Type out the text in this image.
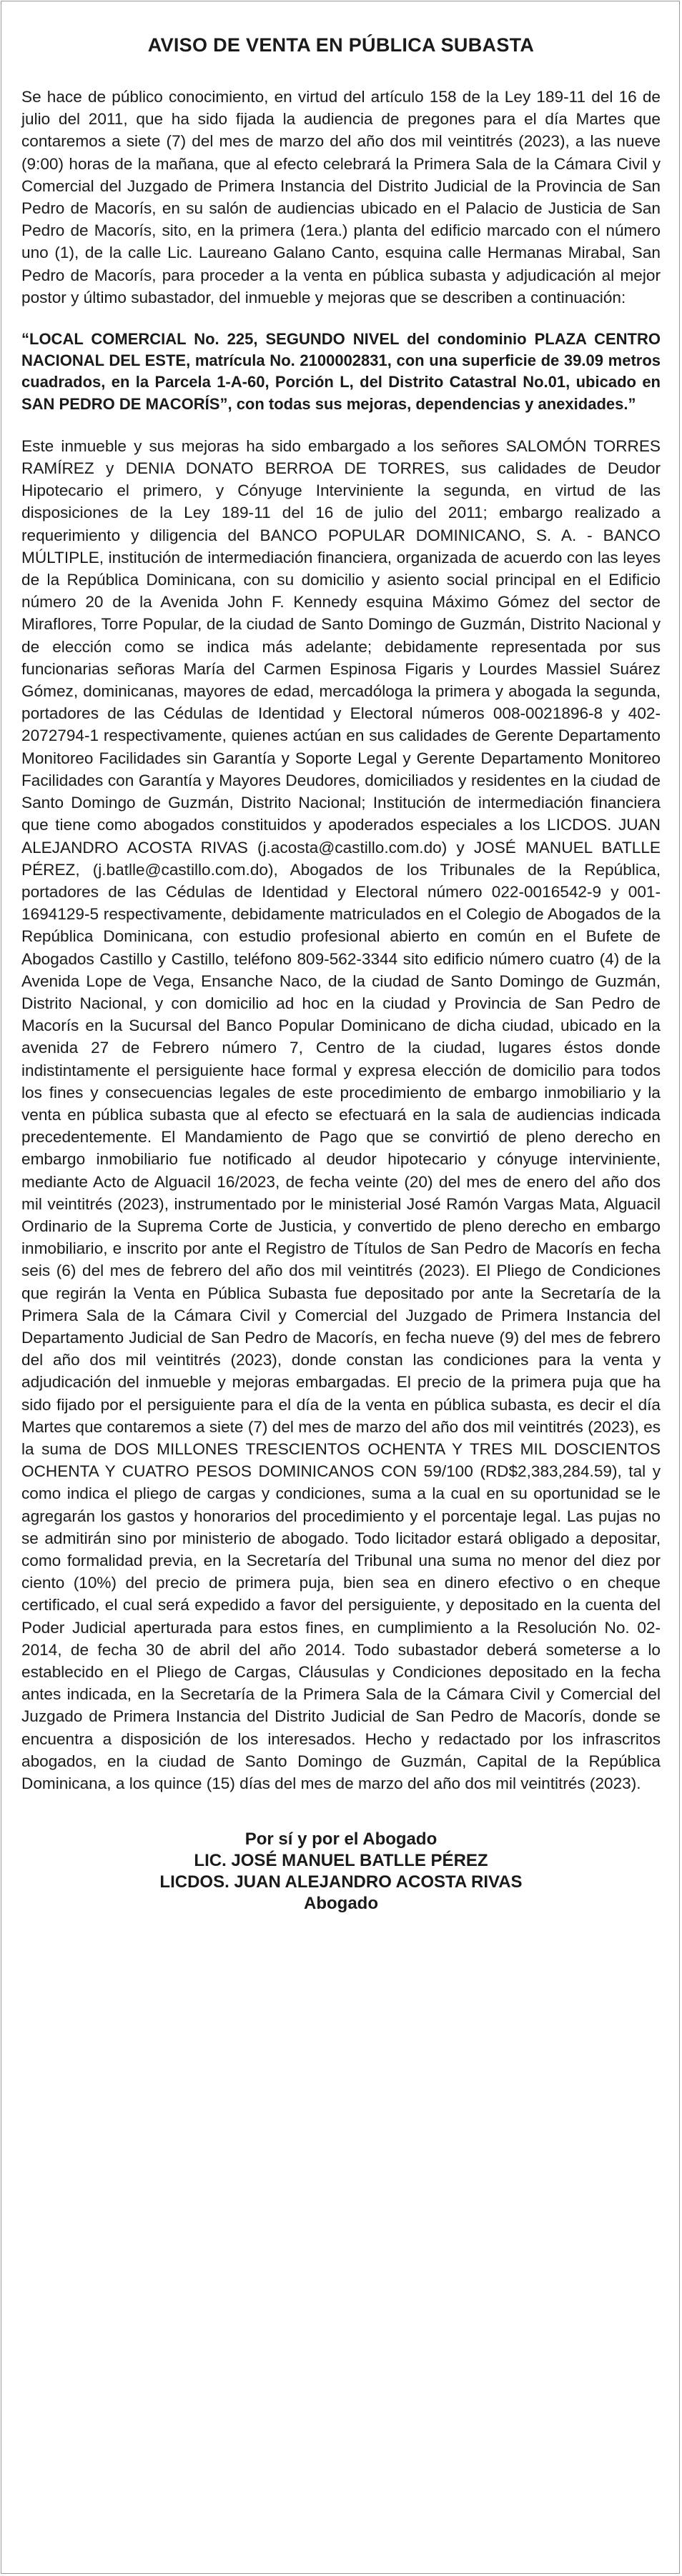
AVISO DE VENTA EN PÚBLICA SUBASTA

Se hace de público conocimiento, en virtud del artículo 158 de la Ley 189-11 del 16 de julio del 2011, que ha sido fijada la audiencia de pregones para el día Martes que contaremos a siete (7) del mes de marzo del año dos mil veintitrés (2023), a las nueve (9:00) horas de la mañana, que al efecto celebrará la Primera Sala de la Cámara Civil y Comercial del Juzgado de Primera Instancia del Distrito Judicial de la Provincia de San Pedro de Macorís, en su salón de audiencias ubicado en el Palacio de Justicia de San Pedro de Macorís, sito, en la primera (1era.) planta del edificio marcado con el número uno (1), de la calle Lic. Laureano Galano Canto, esquina calle Hermanas Mirabal, San Pedro de Macorís, para proceder a la venta en pública subasta y adjudicación al mejor postor y último subastador, del inmueble y mejoras que se describen a continuación:

“LOCAL COMERCIAL No. 225, SEGUNDO NIVEL del condominio PLAZA CENTRO NACIONAL DEL ESTE, matrícula No. 2100002831, con una superficie de 39.09 metros cuadrados, en la Parcela 1-A-60, Porción L, del Distrito Catastral No.01, ubicado en SAN PEDRO DE MACORÍS”, con todas sus mejoras, dependencias y anexidades.”

Este inmueble y sus mejoras ha sido embargado a los señores SALOMÓN TORRES RAMÍREZ y DENIA DONATO BERROA DE TORRES, sus calidades de Deudor Hipotecario el primero, y Cónyuge Interviniente la segunda, en virtud de las disposiciones de la Ley 189-11 del 16 de julio del 2011; embargo realizado a requerimiento y diligencia del BANCO POPULAR DOMINICANO, S. A. - BANCO MÚLTIPLE, institución de intermediación financiera, organizada de acuerdo con las leyes de la República Dominicana, con su domicilio y asiento social principal en el Edificio número 20 de la Avenida John F. Kennedy esquina Máximo Gómez del sector de Miraflores, Torre Popular, de la ciudad de Santo Domingo de Guzmán, Distrito Nacional y de elección como se indica más adelante; debidamente representada por sus funcionarias señoras María del Carmen Espinosa Figaris y Lourdes Massiel Suárez Gómez, dominicanas, mayores de edad, mercadóloga la primera y abogada la segunda, portadores de las Cédulas de Identidad y Electoral números 008-0021896-8 y 402-2072794-1 respectivamente, quienes actúan en sus calidades de Gerente Departamento Monitoreo Facilidades sin Garantía y Soporte Legal y Gerente Departamento Monitoreo Facilidades con Garantía y Mayores Deudores, domiciliados y residentes en la ciudad de Santo Domingo de Guzmán, Distrito Nacional; Institución de intermediación financiera que tiene como abogados constituidos y apoderados especiales a los LICDOS. JUAN ALEJANDRO ACOSTA RIVAS (j.acosta@castillo.com.do) y JOSÉ MANUEL BATLLE PÉREZ, (j.batlle@castillo.com.do), Abogados de los Tribunales de la República, portadores de las Cédulas de Identidad y Electoral número 022-0016542-9 y 001-1694129-5 respectivamente, debidamente matriculados en el Colegio de Abogados de la República Dominicana, con estudio profesional abierto en común en el Bufete de Abogados Castillo y Castillo, teléfono 809-562-3344 sito edificio número cuatro (4) de la Avenida Lope de Vega, Ensanche Naco, de la ciudad de Santo Domingo de Guzmán, Distrito Nacional, y con domicilio ad hoc en la ciudad y Provincia de San Pedro de Macorís en la Sucursal del Banco Popular Dominicano de dicha ciudad, ubicado en la avenida 27 de Febrero número 7, Centro de la ciudad, lugares éstos donde indistintamente el persiguiente hace formal y expresa elección de domicilio para todos los fines y consecuencias legales de este procedimiento de embargo inmobiliario y la venta en pública subasta que al efecto se efectuará en la sala de audiencias indicada precedentemente. El Mandamiento de Pago que se convirtió de pleno derecho en embargo inmobiliario fue notificado al deudor hipotecario y cónyuge interviniente, mediante Acto de Alguacil 16/2023, de fecha veinte (20) del mes de enero del año dos mil veintitrés (2023), instrumentado por le ministerial José Ramón Vargas Mata, Alguacil Ordinario de la Suprema Corte de Justicia, y convertido de pleno derecho en embargo inmobiliario, e inscrito por ante el Registro de Títulos de San Pedro de Macorís en fecha seis (6) del mes de febrero del año dos mil veintitrés (2023). El Pliego de Condiciones que regirán la Venta en Pública Subasta fue depositado por ante la Secretaría de la Primera Sala de la Cámara Civil y Comercial del Juzgado de Primera Instancia del Departamento Judicial de San Pedro de Macorís, en fecha nueve (9) del mes de febrero del año dos mil veintitrés (2023), donde constan las condiciones para la venta y adjudicación del inmueble y mejoras embargadas. El precio de la primera puja que ha sido fijado por el persiguiente para el día de la venta en pública subasta, es decir el día Martes que contaremos a siete (7) del mes de marzo del año dos mil veintitrés (2023), es la suma de DOS MILLONES TRESCIENTOS OCHENTA Y TRES MIL DOSCIENTOS OCHENTA Y CUATRO PESOS DOMINICANOS CON 59/100 (RD$2,383,284.59), tal y como indica el pliego de cargas y condiciones, suma a la cual en su oportunidad se le agregarán los gastos y honorarios del procedimiento y el porcentaje legal. Las pujas no se admitirán sino por ministerio de abogado. Todo licitador estará obligado a depositar, como formalidad previa, en la Secretaría del Tribunal una suma no menor del diez por ciento (10%) del precio de primera puja, bien sea en dinero efectivo o en cheque certificado, el cual será expedido a favor del persiguiente, y depositado en la cuenta del Poder Judicial aperturada para estos fines, en cumplimiento a la Resolución No. 02-2014, de fecha 30 de abril del año 2014. Todo subastador deberá someterse a lo establecido en el Pliego de Cargas, Cláusulas y Condiciones depositado en la fecha antes indicada, en la Secretaría de la Primera Sala de la Cámara Civil y Comercial del Juzgado de Primera Instancia del Distrito Judicial de San Pedro de Macorís, donde se encuentra a disposición de los interesados. Hecho y redactado por los infrascritos abogados, en la ciudad de Santo Domingo de Guzmán, Capital de la República Dominicana, a los quince (15) días del mes de marzo del año dos mil veintitrés (2023).

Por sí y por el Abogado
LIC. JOSÉ MANUEL BATLLE PÉREZ
LICDOS. JUAN ALEJANDRO ACOSTA RIVAS
Abogado
